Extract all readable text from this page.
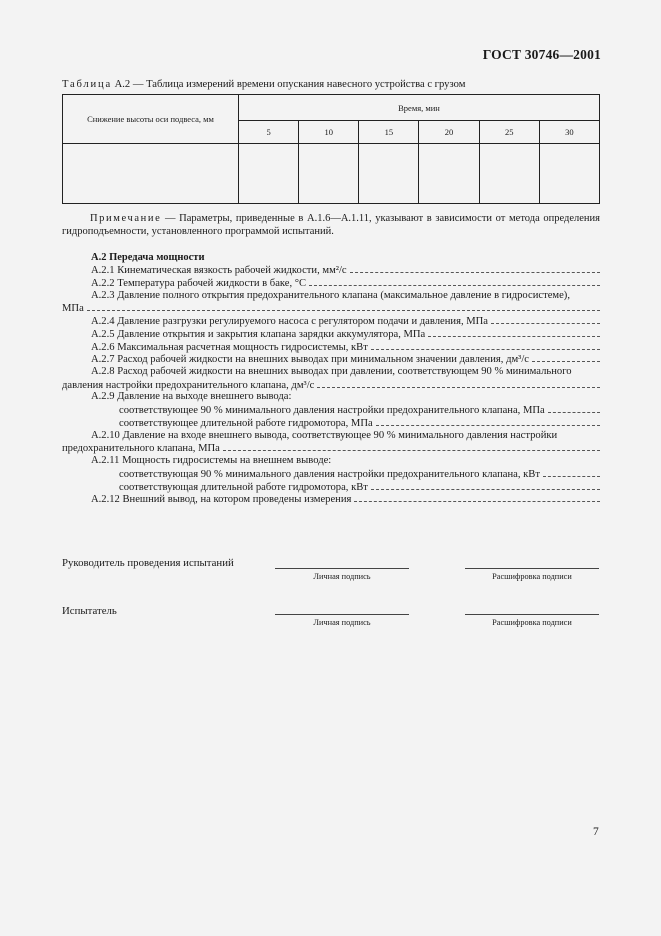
ГОСТ 30746—2001
Таблица А.2 — Таблица измерений времени опускания навесного устройства с грузом
Снижение высоты оси подвеса, мм	Время, мин					
	5	10	15	20	25	30

Примечание — Параметры, приведенные в А.1.6—А.1.11, указывают в зависимости от метода определения гидроподъемности, установленного программой испытаний.
А.2 Передача мощности
А.2.1 Кинематическая вязкость рабочей жидкости, мм²/с
А.2.2 Температура рабочей жидкости в баке, °С
А.2.3 Давление полного открытия предохранительного клапана (максимальное давление в гидросистеме),
МПа
А.2.4 Давление разгрузки регулируемого насоса с регулятором подачи и давления, МПа
А.2.5 Давление открытия и закрытия клапана зарядки аккумулятора, МПа
А.2.6 Максимальная расчетная мощность гидросистемы, кВт
А.2.7 Расход рабочей жидкости на внешних выводах при минимальном значении давления, дм³/с
А.2.8 Расход рабочей жидкости на внешних выводах при давлении, соответствующем 90 % минимального
давления настройки предохранительного клапана, дм³/с
А.2.9 Давление на выходе внешнего вывода:
соответствующее 90 % минимального давления настройки предохранительного клапана, МПа
соответствующее длительной работе гидромотора, МПа
А.2.10 Давление на входе внешнего вывода, соответствующее 90 % минимального давления настройки
предохранительного клапана, МПа
А.2.11 Мощность гидросистемы на внешнем выводе:
соответствующая 90 % минимального давления настройки предохранительного клапана, кВт
соответствующая длительной работе гидромотора, кВт
А.2.12 Внешний вывод, на котором проведены измерения
Руководитель проведения испытаний
Личная подпись	Расшифровка подписи
Испытатель
Личная подпись	Расшифровка подписи
7
